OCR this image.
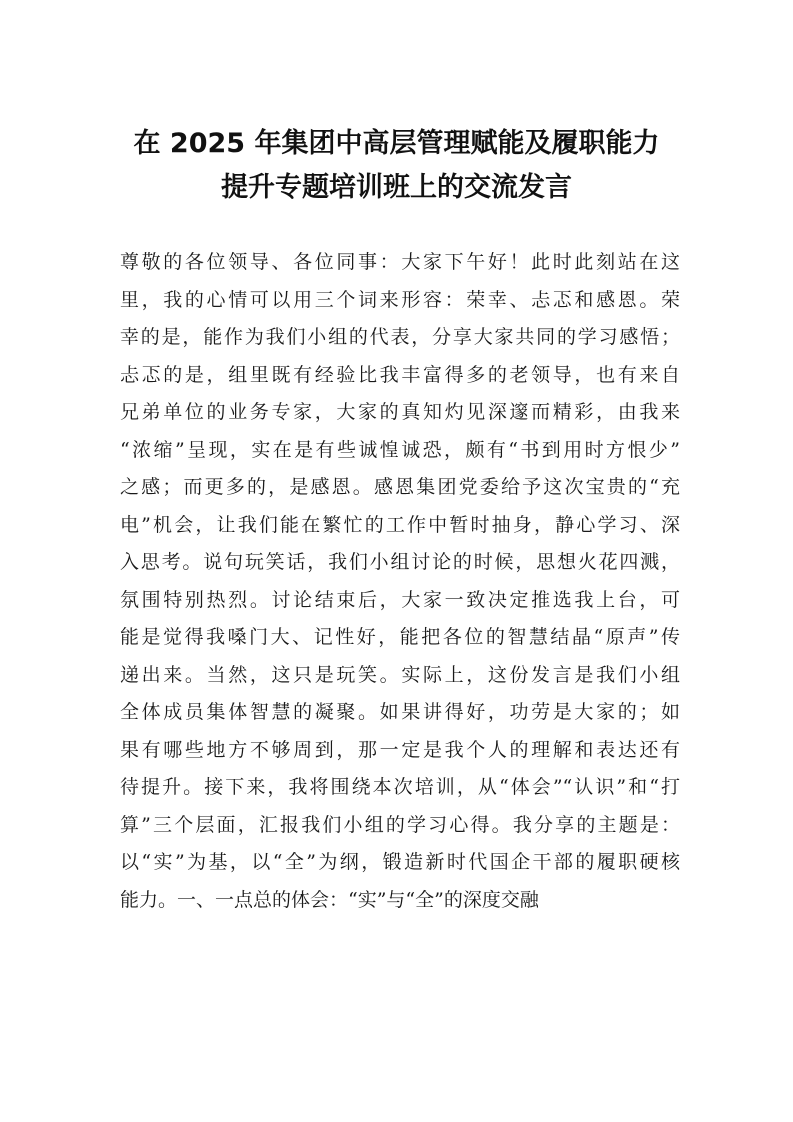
在 2025 年集团中高层管理赋能及履职能力
提升专题培训班上的交流发言
尊敬的各位领导、各位同事：大家下午好！此时此刻站在这
里，我的心情可以用三个词来形容：荣幸、忐忑和感恩。荣
幸的是，能作为我们小组的代表，分享大家共同的学习感悟；
忐忑的是，组里既有经验比我丰富得多的老领导，也有来自
兄弟单位的业务专家，大家的真知灼见深邃而精彩，由我来
“浓缩”呈现，实在是有些诚惶诚恐，颇有“书到用时方恨少”
之感；而更多的，是感恩。感恩集团党委给予这次宝贵的“充
电”机会，让我们能在繁忙的工作中暂时抽身，静心学习、深
入思考。说句玩笑话，我们小组讨论的时候，思想火花四溅，
氛围特别热烈。讨论结束后，大家一致决定推选我上台，可
能是觉得我嗓门大、记性好，能把各位的智慧结晶“原声”传
递出来。当然，这只是玩笑。实际上，这份发言是我们小组
全体成员集体智慧的凝聚。如果讲得好，功劳是大家的；如
果有哪些地方不够周到，那一定是我个人的理解和表达还有
待提升。接下来，我将围绕本次培训，从“体会”“认识”和“打
算”三个层面，汇报我们小组的学习心得。我分享的主题是：
以“实”为基，以“全”为纲，锻造新时代国企干部的履职硬核
能力。一、一点总的体会：“实”与“全”的深度交融
